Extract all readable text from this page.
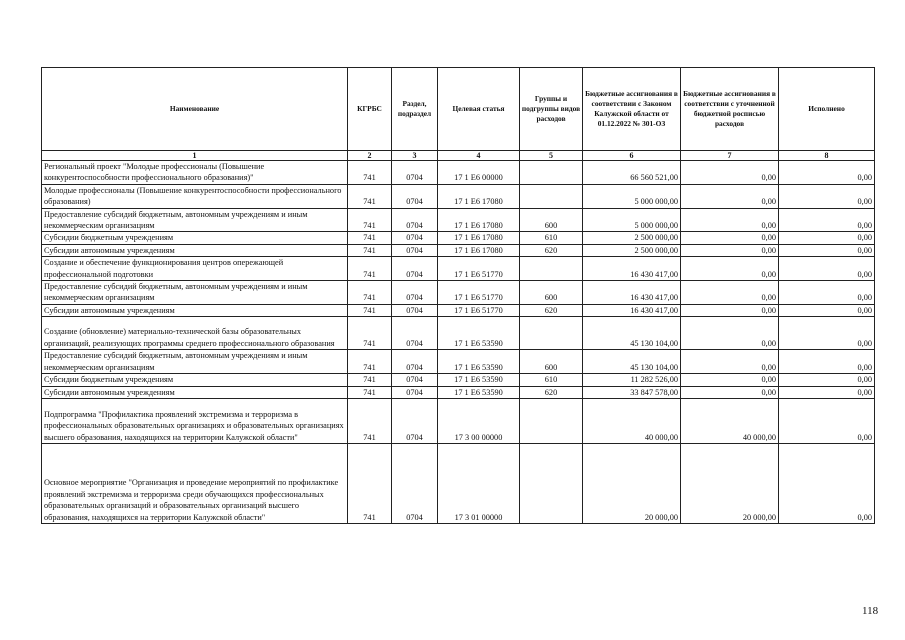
Наименование	КГРБС	Раздел, подраздел	Целевая статья	Группы и подгруппы видов расходов	Бюджетные ассигнования в соответствии с Законом Калужской области от 01.12.2022 № 301-ОЗ	Бюджетные ассигнования в соответствии с уточненной бюджетной росписью расходов	Исполнено
1	2	3	4	5	6	7	8
Региональный проект "Молодые профессионалы (Повышение конкурентоспособности профессионального образования)"	741	0704	17 1 E6 00000		66 560 521,00	0,00	0,00
Молодые профессионалы (Повышение конкурентоспособности профессионального образования)	741	0704	17 1 E6 17080		5 000 000,00	0,00	0,00
Предоставление субсидий бюджетным, автономным учреждениям и иным некоммерческим организациям	741	0704	17 1 E6 17080	600	5 000 000,00	0,00	0,00
Субсидии бюджетным учреждениям	741	0704	17 1 E6 17080	610	2 500 000,00	0,00	0,00
Субсидии автономным учреждениям	741	0704	17 1 E6 17080	620	2 500 000,00	0,00	0,00
Создание и обеспечение функционирования центров опережающей профессиональной подготовки	741	0704	17 1 E6 51770		16 430 417,00	0,00	0,00
Предоставление субсидий бюджетным, автономным учреждениям и иным некоммерческим организациям	741	0704	17 1 E6 51770	600	16 430 417,00	0,00	0,00
Субсидии автономным учреждениям	741	0704	17 1 E6 51770	620	16 430 417,00	0,00	0,00
Создание (обновление) материально-технической базы образовательных организаций, реализующих программы среднего профессионального образования	741	0704	17 1 E6 53590		45 130 104,00	0,00	0,00
Предоставление субсидий бюджетным, автономным учреждениям и иным некоммерческим организациям	741	0704	17 1 E6 53590	600	45 130 104,00	0,00	0,00
Субсидии бюджетным учреждениям	741	0704	17 1 E6 53590	610	11 282 526,00	0,00	0,00
Субсидии автономным учреждениям	741	0704	17 1 E6 53590	620	33 847 578,00	0,00	0,00
Подпрограмма "Профилактика проявлений экстремизма и терроризма в профессиональных образовательных организациях и образовательных организациях высшего образования, находящихся на территории Калужской области"	741	0704	17 3 00 00000		40 000,00	40 000,00	0,00
Основное мероприятие "Организация и проведение мероприятий по профилактике проявлений экстремизма и терроризма среди обучающихся профессиональных образовательных организаций и образовательных организаций высшего образования, находящихся на территории Калужской области"	741	0704	17 3 01 00000		20 000,00	20 000,00	0,00
118
